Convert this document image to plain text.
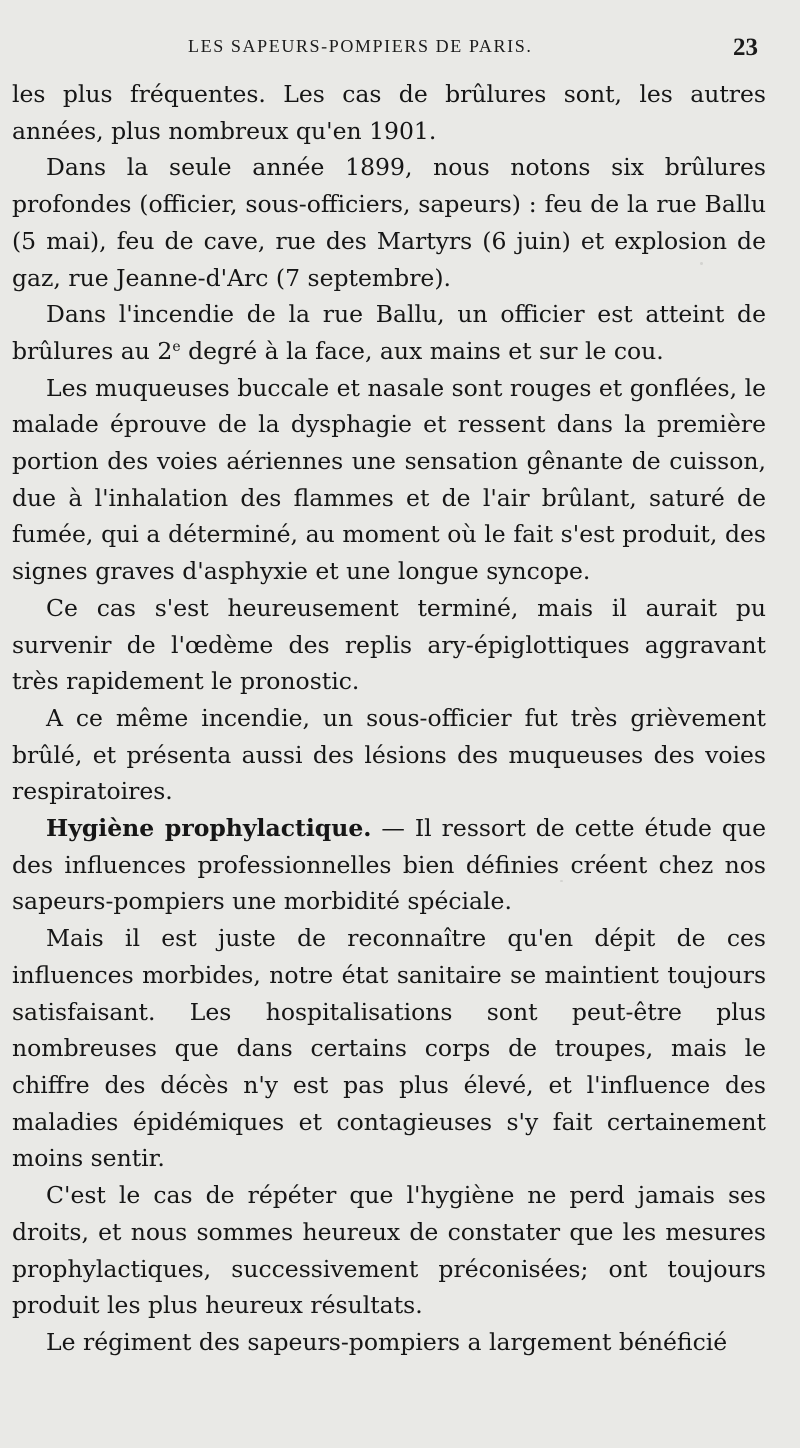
LES SAPEURS-POMPIERS DE PARIS.	23

les plus fréquentes. Les cas de brûlures sont, les autres années, plus nombreux qu'en 1901.

Dans la seule année 1899, nous notons six brûlures profondes (officier, sous-officiers, sapeurs) : feu de la rue Ballu (5 mai), feu de cave, rue des Martyrs (6 juin) et explosion de gaz, rue Jeanne-d'Arc (7 septembre).

Dans l'incendie de la rue Ballu, un officier est atteint de brûlures au 2e degré à la face, aux mains et sur le cou.

Les muqueuses buccale et nasale sont rouges et gonflées, le malade éprouve de la dysphagie et ressent dans la première portion des voies aériennes une sensation gênante de cuisson, due à l'inhalation des flammes et de l'air brûlant, saturé de fumée, qui a déterminé, au moment où le fait s'est produit, des signes graves d'asphyxie et une longue syncope.

Ce cas s'est heureusement terminé, mais il aurait pu survenir de l'œdème des replis ary-épiglottiques aggravant très rapidement le pronostic.

A ce même incendie, un sous-officier fut très grièvement brûlé, et présenta aussi des lésions des muqueuses des voies respiratoires.

Hygiène prophylactique. — Il ressort de cette étude que des influences professionnelles bien définies créent chez nos sapeurs-pompiers une morbidité spéciale.

Mais il est juste de reconnaître qu'en dépit de ces influences morbides, notre état sanitaire se maintient toujours satisfaisant. Les hospitalisations sont peut-être plus nombreuses que dans certains corps de troupes, mais le chiffre des décès n'y est pas plus élevé, et l'influence des maladies épidémiques et contagieuses s'y fait certainement moins sentir.

C'est le cas de répéter que l'hygiène ne perd jamais ses droits, et nous sommes heureux de constater que les mesures prophylactiques, successivement préconisées; ont toujours produit les plus heureux résultats.

Le régiment des sapeurs-pompiers a largement bénéficié
